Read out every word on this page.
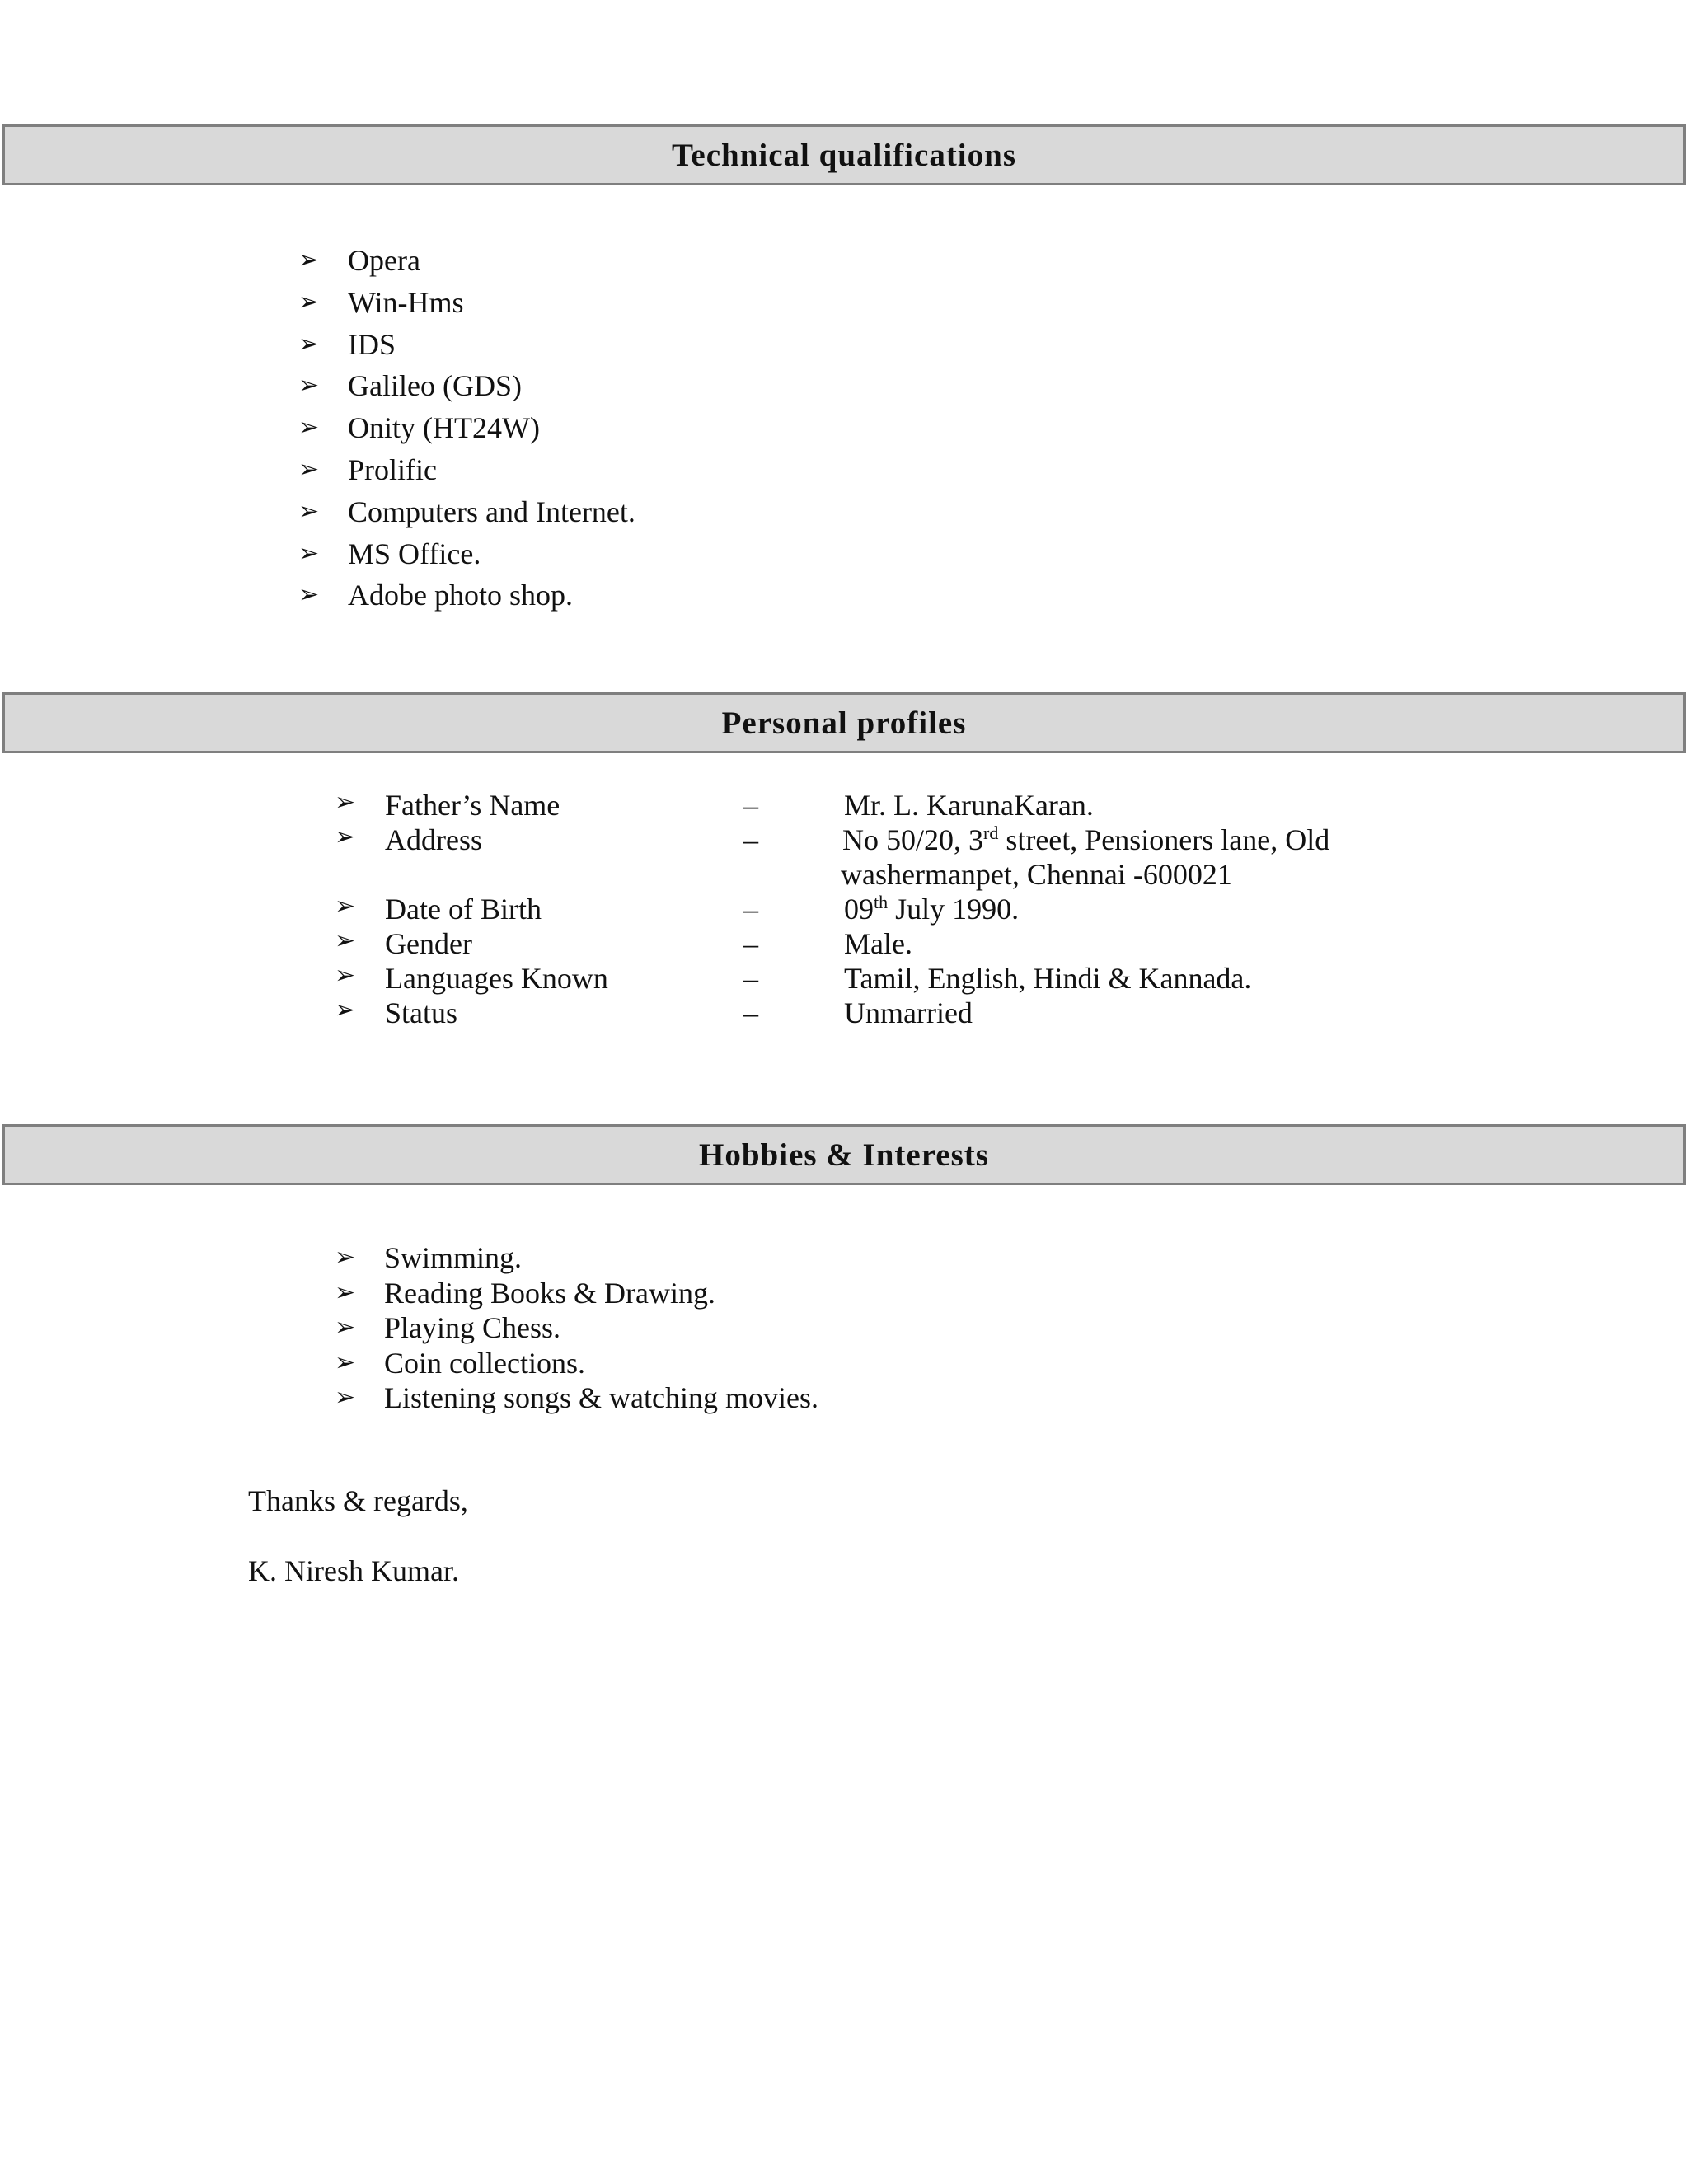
Technical qualifications
➢ Opera
➢ Win-Hms
➢ IDS
➢ Galileo (GDS)
➢ Onity (HT24W)
➢ Prolific
➢ Computers and Internet.
➢ MS Office.
➢ Adobe photo shop.
Personal profiles
➢ Father’s Name	–	Mr. L. KarunaKaran.
➢ Address	–	No 50/20, 3rd street, Pensioners lane, Old
washermanpet, Chennai -600021
➢ Date of Birth	–	09th July 1990.
➢ Gender	–	Male.
➢ Languages Known	–	Tamil, English, Hindi & Kannada.
➢ Status	–	Unmarried
Hobbies & Interests
➢ Swimming.
➢ Reading Books & Drawing.
➢ Playing Chess.
➢ Coin collections.
➢ Listening songs & watching movies.
Thanks & regards,
K. Niresh Kumar.
